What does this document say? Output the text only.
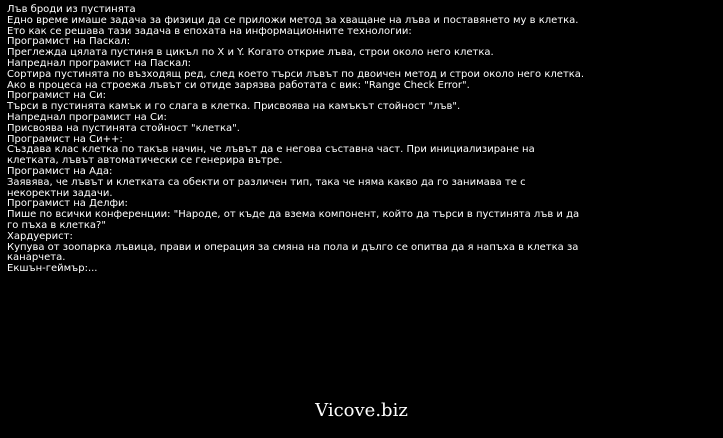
Лъв броди из пустинята
Едно време имаше задача за физици да се приложи метод за хващане на лъва и поставянето му в клетка. Ето как се решава тази задача в епохата на информационните технологии:
Програмист на Паскал:
Преглежда цялата пустиня в цикъл по X и Y. Когато открие лъва, строи около него клетка.
Напреднал програмист на Паскал:
Сортира пустинята по възходящ ред, след което търси лъвът по двоичен метод и строи около него клетка. Ако в процеса на строежа лъвът си отиде зарязва работата с вик: "Range Check Error".
Програмист на Си:
Търси в пустинята камък и го слага в клетка. Присвоява на камъкът стойност "лъв".
Напреднал програмист на Си:
Присвоява на пустинята стойност "клетка".
Програмист на Си++:
Създава клас клетка по такъв начин, че лъвът да е негова съставна част. При инициализиране на клетката, лъвът автоматически се генерира вътре.
Програмист на Ада:
Заявява, че лъвът и клетката са обекти от различен тип, така че няма какво да го занимава те с некоректни задачи.
Програмист на Делфи:
Пише по всички конференции: "Народе, от къде да взема компонент, който да търси в пустинята лъв и да го пъха в клетка?"
Хардуерист:
Купува от зоопарка лъвица, прави и операция за смяна на пола и дълго се опитва да я напъха в клетка за канарчета.
Екшън-геймър:...
Vicove.biz
